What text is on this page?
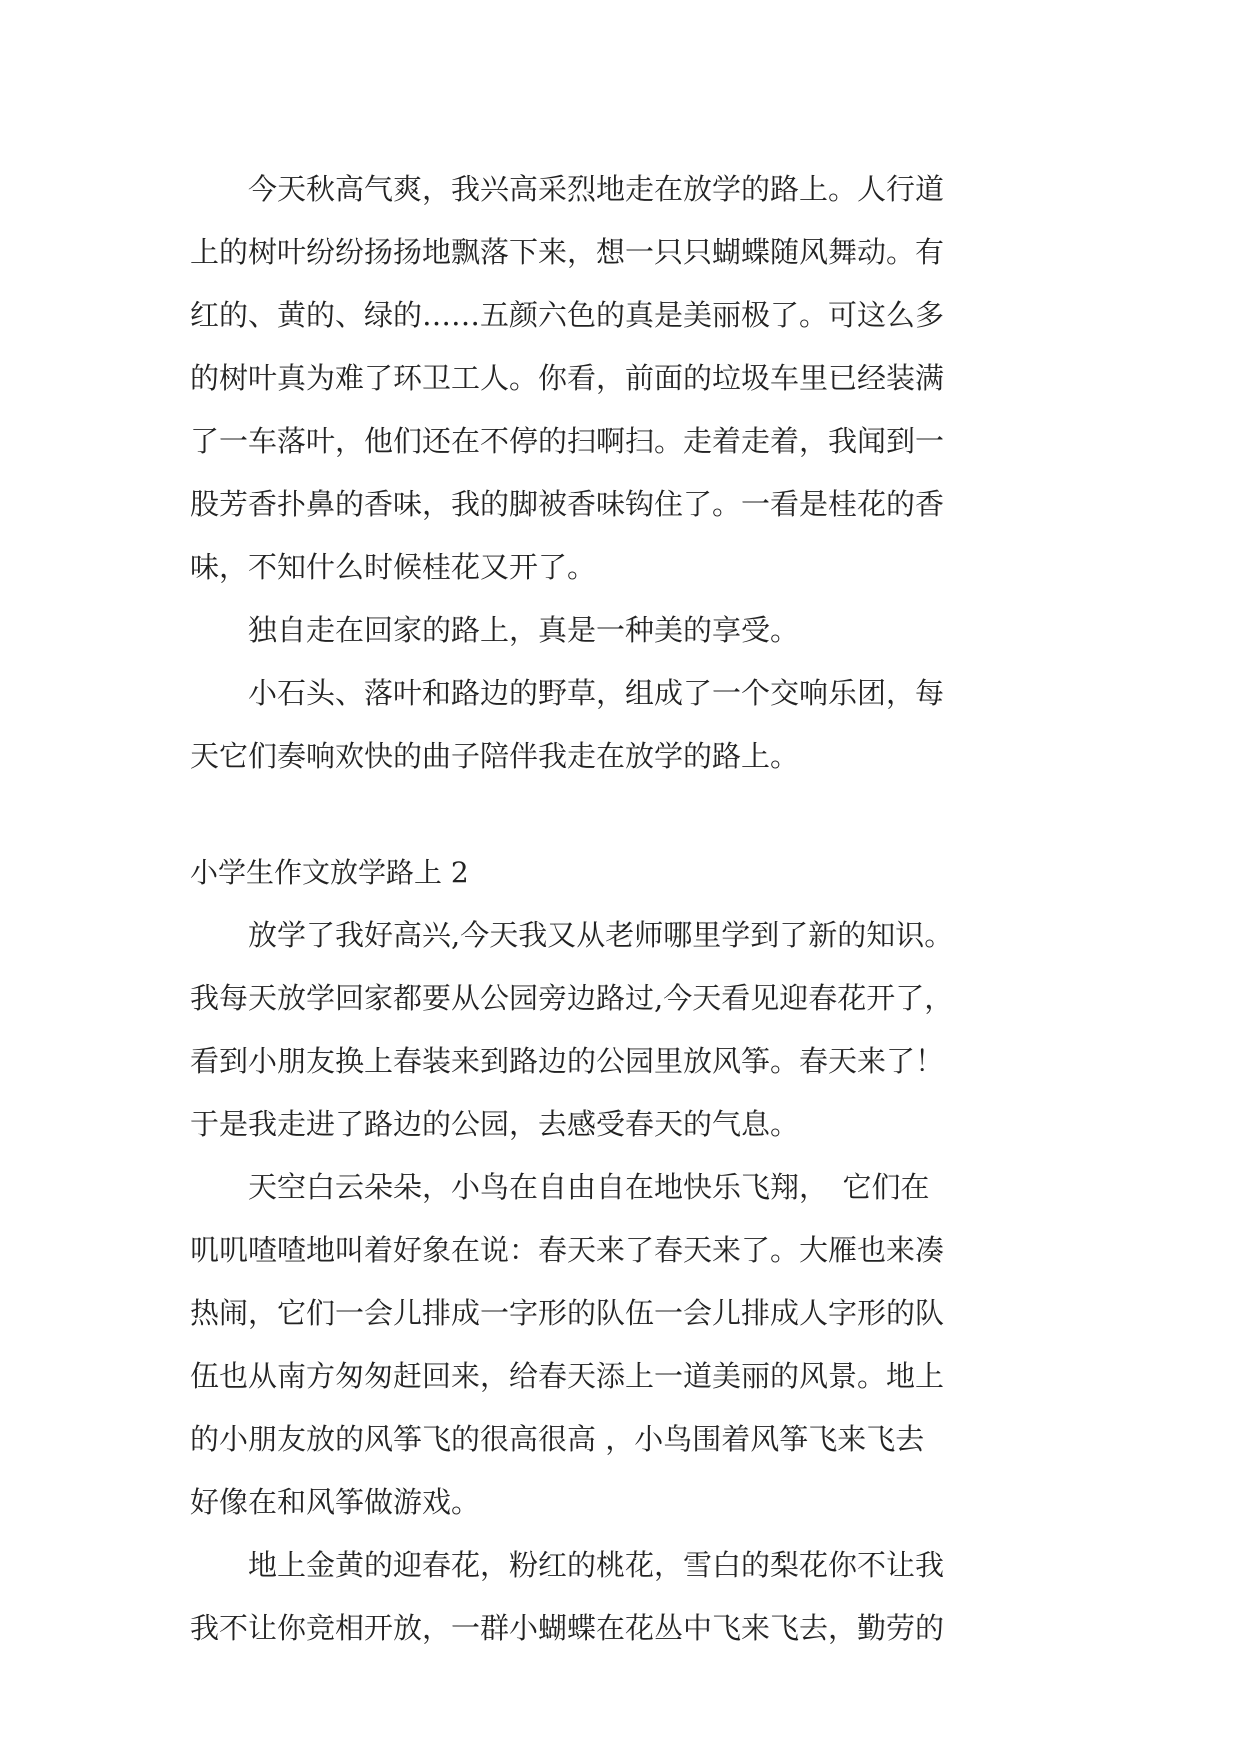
　　今天秋高气爽，我兴高采烈地走在放学的路上。人行道
上的树叶纷纷扬扬地飘落下来，想一只只蝴蝶随风舞动。有
红的、黄的、绿的……五颜六色的真是美丽极了。可这么多
的树叶真为难了环卫工人。你看，前面的垃圾车里已经装满
了一车落叶，他们还在不停的扫啊扫。走着走着，我闻到一
股芳香扑鼻的香味，我的脚被香味钩住了。一看是桂花的香
味，不知什么时候桂花又开了。
　　独自走在回家的路上，真是一种美的享受。
　　小石头、落叶和路边的野草，组成了一个交响乐团，每
天它们奏响欢快的曲子陪伴我走在放学的路上。
小学生作文放学路上 2
　　放学了我好高兴,今天我又从老师哪里学到了新的知识。
我每天放学回家都要从公园旁边路过,今天看见迎春花开了，
看到小朋友换上春装来到路边的公园里放风筝。春天来了！
于是我走进了路边的公园，去感受春天的气息。
　　天空白云朵朵，小鸟在自由自在地快乐飞翔，　它们在
叽叽喳喳地叫着好象在说：春天来了春天来了。大雁也来凑
热闹，它们一会儿排成一字形的队伍一会儿排成人字形的队
伍也从南方匆匆赶回来，给春天添上一道美丽的风景。地上
的小朋友放的风筝飞的很高很高 ，小鸟围着风筝飞来飞去
好像在和风筝做游戏。
　　地上金黄的迎春花，粉红的桃花，雪白的梨花你不让我
我不让你竞相开放，一群小蝴蝶在花丛中飞来飞去，勤劳的
